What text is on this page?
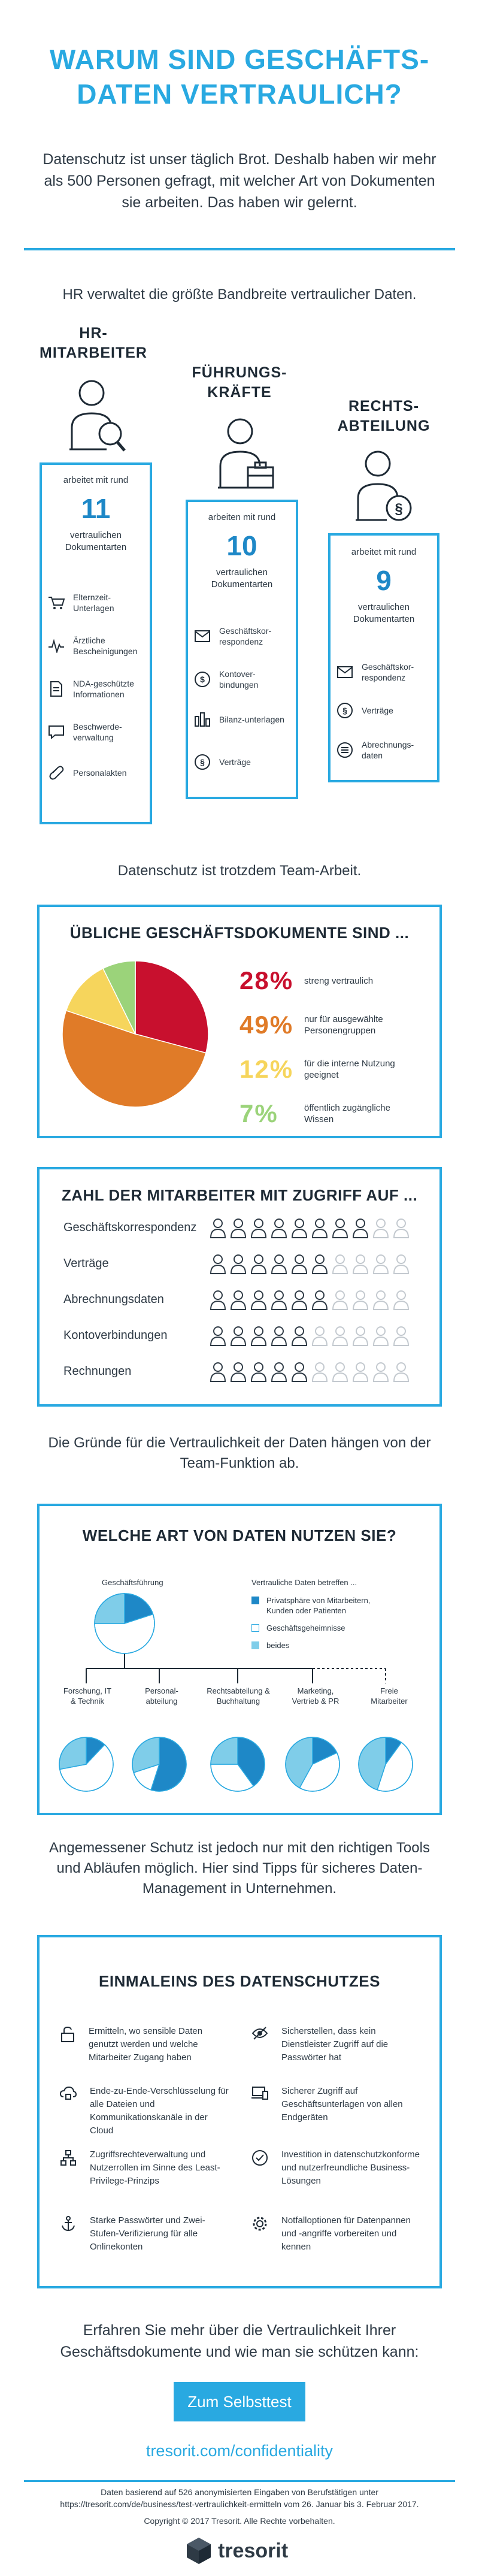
WARUM SIND GESCHÄFTS-
DATEN VERTRAULICH?
Datenschutz ist unser täglich Brot. Deshalb haben wir mehr als 500 Personen gefragt, mit welcher Art von Dokumenten sie arbeiten. Das haben wir gelernt.
HR verwaltet die größte Bandbreite vertraulicher Daten.
HR-
MITARBEITER
arbeitet mit rund
11
vertraulichen Dokumentarten
Elternzeit-Unterlagen
Ärztliche Bescheinigungen
NDA-geschützte Informationen
Beschwerde-verwaltung
Personalakten
FÜHRUNGS-
KRÄFTE
arbeiten mit rund
10
vertraulichen Dokumentarten
Geschäftskor-respondenz
$
Kontover-bindungen
Bilanz-unterlagen
§ Verträge
RECHTS-
ABTEILUNG
§
arbeitet mit rund
9
vertraulichen Dokumentarten
Geschäftskor-respondenz
§ Verträge
Abrechnungs-daten
Datenschutz ist trotzdem Team-Arbeit.
ÜBLICHE GESCHÄFTSDOKUMENTE SIND ...
28%	streng vertraulich
49%	nur für ausgewählte Personengruppen
12%	für die interne Nutzung geeignet
7%	öffentlich zugängliche Wissen
ZAHL DER MITARBEITER MIT ZUGRIFF AUF ...
Geschäftskorrespondenz
Verträge
Abrechnungsdaten
Kontoverbindungen
Rechnungen
Die Gründe für die Vertraulichkeit der Daten hängen von der Team-Funktion ab.
WELCHE ART VON DATEN NUTZEN SIE?
Geschäftsführung	Vertrauliche Daten betreffen ...
Privatsphäre von Mitarbeitern, Kunden oder Patienten
Geschäftsgeheimnisse
beides
Forschung, IT & Technik
Personal-abteilung
Rechtsabteilung & Buchhaltung
Marketing, Vertrieb & PR
Freie Mitarbeiter
Angemessener Schutz ist jedoch nur mit den richtigen Tools und Abläufen möglich. Hier sind Tipps für sicheres Daten-Management in Unternehmen.
EINMALEINS DES DATENSCHUTZES
Ermitteln, wo sensible Daten genutzt werden und welche Mitarbeiter Zugang haben
Sicherstellen, dass kein Dienstleister Zugriff auf die Passwörter hat
Ende-zu-Ende-Verschlüsselung für alle Dateien und Kommunikationskanäle in der Cloud
Sicherer Zugriff auf Geschäftsunterlagen von allen Endgeräten
Zugriffsrechteverwaltung und Nutzerrollen im Sinne des Least-Privilege-Prinzips
Investition in datenschutzkonforme und nutzerfreundliche Business-Lösungen
Starke Passwörter und Zwei-Stufen-Verifizierung für alle Onlinekonten
Notfalloptionen für Datenpannen und -angriffe vorbereiten und kennen
Erfahren Sie mehr über die Vertraulichkeit Ihrer Geschäftsdokumente und wie man sie schützen kann:
Zum Selbsttest
tresorit.com/confidentiality
Daten basierend auf 526 anonymisierten Eingaben von Berufstätigen unter https://tresorit.com/de/business/test-vertraulichkeit-ermitteln vom 26. Januar bis 3. Februar 2017.
Copyright © 2017 Tresorit. Alle Rechte vorbehalten.
tresorit
